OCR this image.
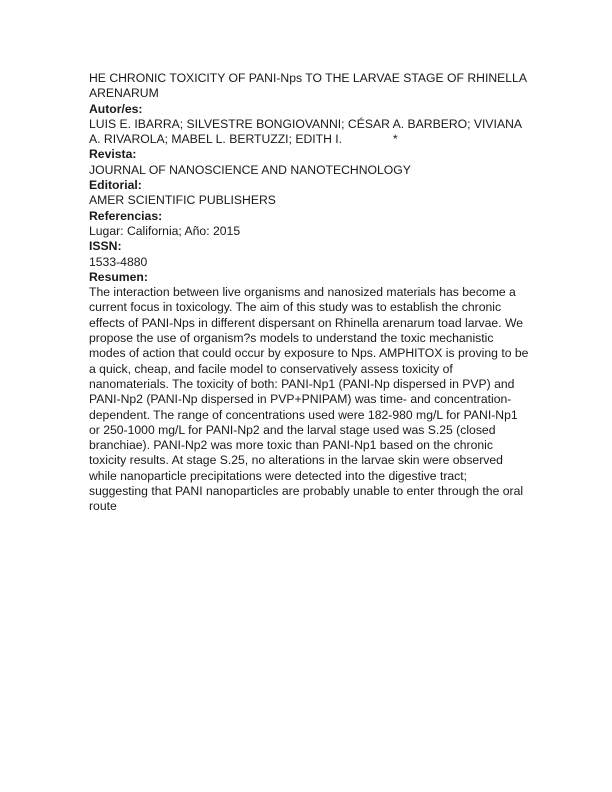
HE CHRONIC TOXICITY OF PANI-Nps TO THE LARVAE STAGE OF RHINELLA ARENARUM

Autor/es:

LUIS E. IBARRA; SILVESTRE BONGIOVANNI; CÉSAR A. BARBERO; VIVIANA A. RIVAROLA; MABEL L. BERTUZZI; EDITH I.               *

Revista:

JOURNAL OF NANOSCIENCE AND NANOTECHNOLOGY

Editorial:

AMER SCIENTIFIC PUBLISHERS

Referencias:

Lugar: California; Año: 2015

ISSN:

1533-4880

Resumen:

The interaction between live organisms and nanosized materials has become a current focus in toxicology. The aim of this study was to establish the chronic effects of PANI-Nps in different dispersant on Rhinella arenarum toad larvae. We propose the use of organism?s models to understand the toxic mechanistic modes of action that could occur by exposure to Nps. AMPHITOX is proving to be a quick, cheap, and facile model to conservatively assess toxicity of nanomaterials. The toxicity of both: PANI-Np1 (PANI-Np dispersed in PVP) and PANI-Np2 (PANI-Np dispersed in PVP+PNIPAM) was time- and concentration- dependent. The range of concentrations used were 182-980 mg/L for PANI-Np1 or 250-1000 mg/L for PANI-Np2 and the larval stage used was S.25 (closed branchiae). PANI-Np2 was more toxic than PANI-Np1 based on the chronic toxicity results. At stage S.25, no alterations in the larvae skin were observed while nanoparticle precipitations were detected into the digestive tract; suggesting that PANI nanoparticles are probably unable to enter through the oral route
